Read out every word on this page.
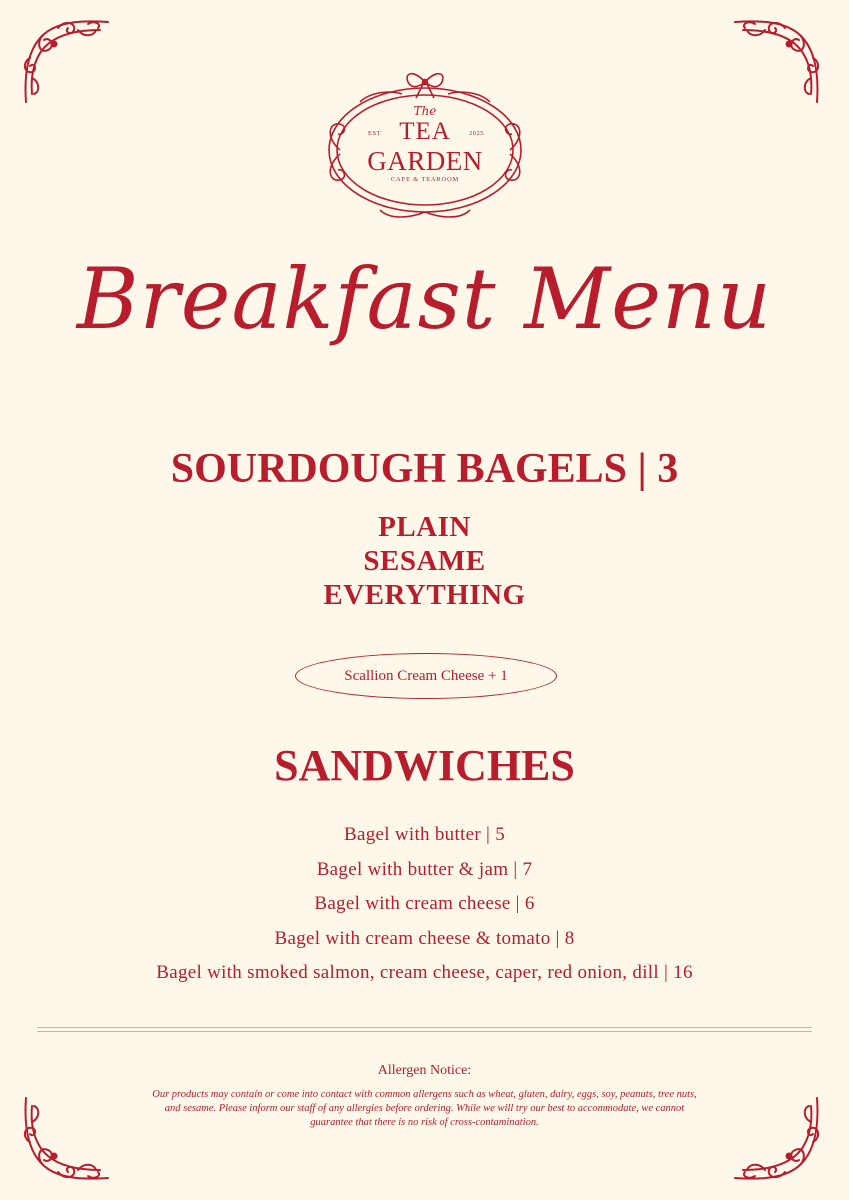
The
EST	2025
TEA
GARDEN
CAFE & TEAROOM
Breakfast Menu
SOURDOUGH BAGELS | 3
PLAIN
SESAME
EVERYTHING
Scallion Cream Cheese + 1
SANDWICHES
Bagel with butter | 5
Bagel with butter & jam | 7
Bagel with cream cheese | 6
Bagel with cream cheese & tomato | 8
Bagel with smoked salmon, cream cheese, caper, red onion, dill | 16
Allergen Notice:
Our products may contain or come into contact with common allergens such as wheat, gluten, dairy, eggs, soy, peanuts, tree nuts, and sesame. Please inform our staff of any allergies before ordering. While we will try our best to accommodate, we cannot guarantee that there is no risk of cross-contamination.
